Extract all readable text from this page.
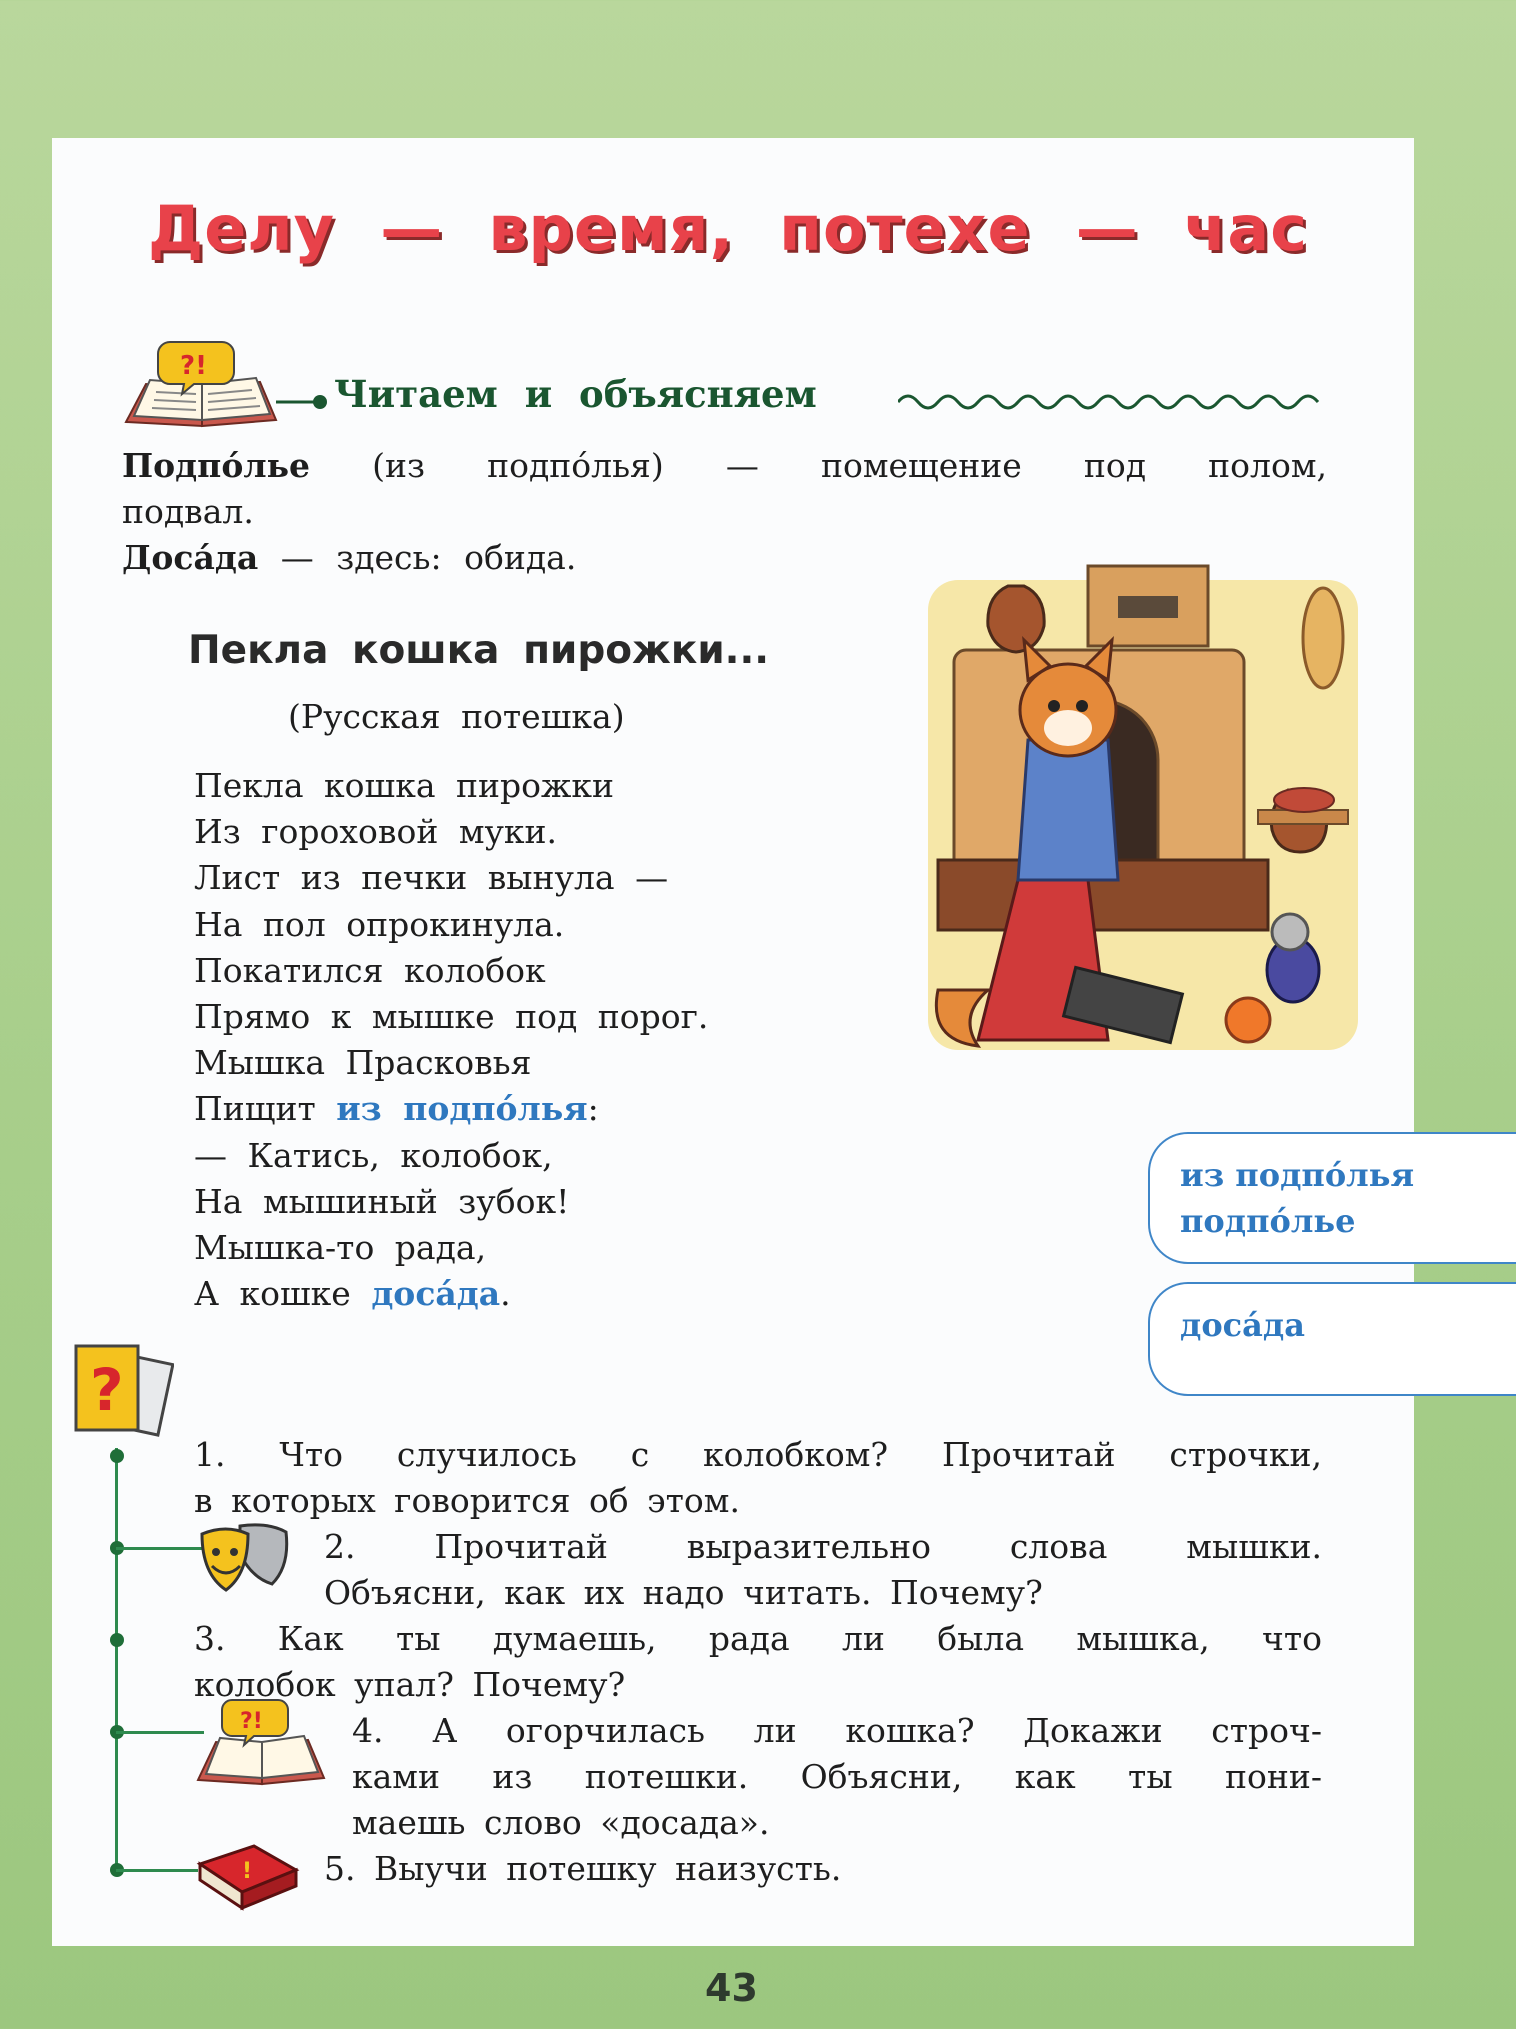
Делу — время, потехе — час
?!
Читаем и объясняем
Подпо́лье (из подпо́лья) — помещение под полом,
подвал.
Доса́да — здесь: обида.
Пекла кошка пирожки...
(Русская потешка)
Пекла кошка пирожки
Из гороховой муки.
Лист из печки вынула —
На пол опрокинула.
Покатился колобок
Прямо к мышке под порог.
Мышка Прасковья
Пищит из подпо́лья:
— Катись, колобок,
На мышиный зубок!
Мышка-то рада,
А кошке доса́да.
из подпо́лья
подпо́лье
доса́да
?
?!
!
1. Что случилось с колобком? Прочитай строчки,
в которых говорится об этом.
2. Прочитай выразительно слова мышки.
Объясни, как их надо читать. Почему?
3. Как ты думаешь, рада ли была мышка, что
колобок упал? Почему?
4. А огорчилась ли кошка? Докажи строч-
ками из потешки. Объясни, как ты пони-
маешь слово «досада».
5. Выучи потешку наизусть.
43
